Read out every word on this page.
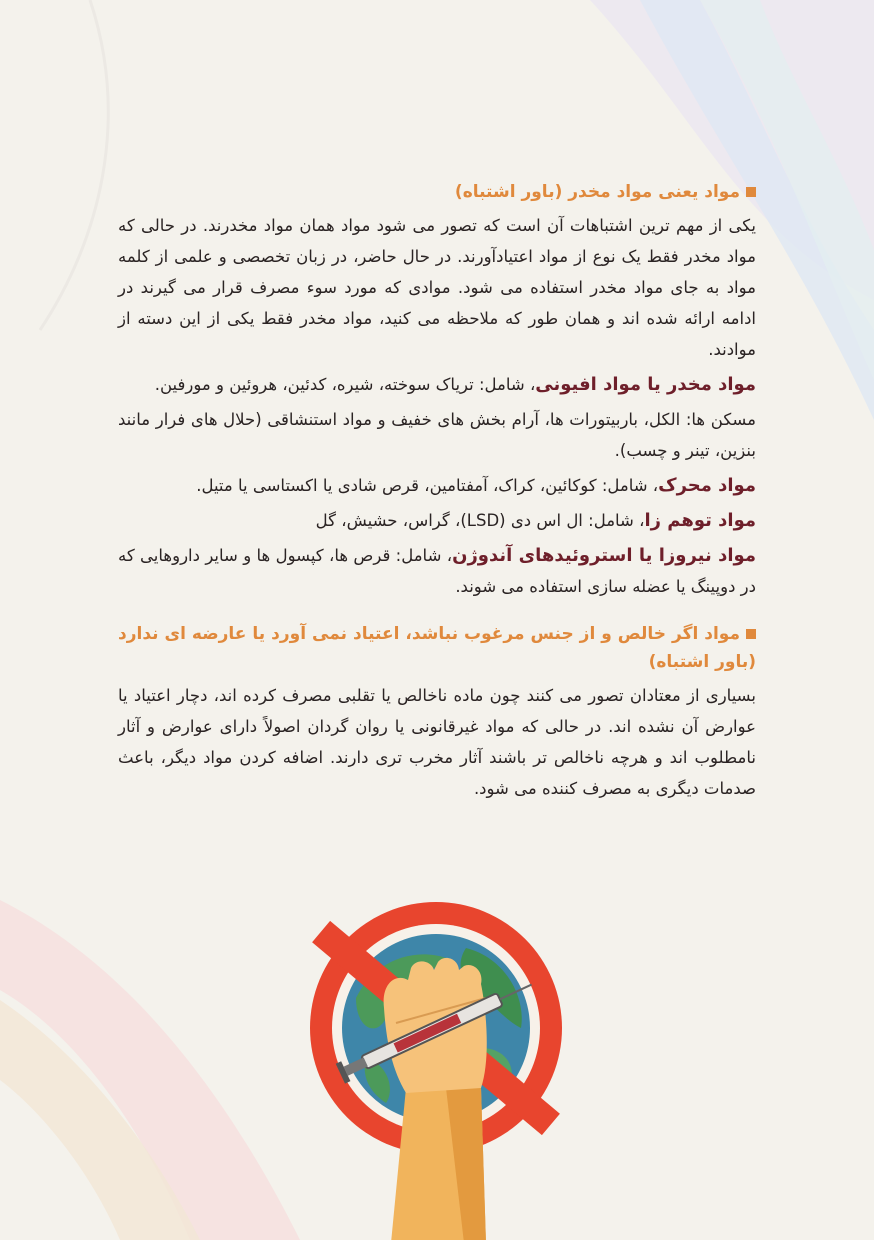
مواد یعنی مواد مخدر (باور اشتباه)

یکی از مهم ترین اشتباهات آن است که تصور می شود مواد همان مواد مخدرند. در حالی که مواد مخدر فقط یک نوع از مواد اعتیادآورند. در حال حاضر، در زبان تخصصی و علمی از کلمه مواد به جای مواد مخدر استفاده می شود. موادی که مورد سوء مصرف قرار می گیرند در ادامه ارائه شده اند و همان طور که ملاحظه می کنید، مواد مخدر فقط یکی از این دسته از موادند.

مواد مخدر یا مواد افیونی، شامل: تریاک سوخته، شیره، کدئین، هروئین و مورفین.

مسکن ها: الکل، باربیتورات ها، آرام بخش های خفیف و مواد استنشاقی (حلال های فرار مانند بنزین، تینر و چسب).

مواد محرک، شامل: کوکائین، کراک، آمفتامین، قرص شادی یا اکستاسی یا متیل.

مواد توهم زا، شامل: ال اس دی (LSD)، گراس، حشیش، گل

مواد نیروزا یا استروئیدهای آندوژن، شامل: قرص ها، کپسول ها و سایر داروهایی که در دوپینگ یا عضله سازی استفاده می شوند.

مواد اگر خالص و از جنس مرغوب نباشد، اعتیاد نمی آورد یا عارضه ای ندارد (باور اشتباه)

بسیاری از معتادان تصور می کنند چون ماده ناخالص یا تقلبی مصرف کرده اند، دچار اعتیاد یا عوارض آن نشده اند. در حالی که مواد غیرقانونی یا روان گردان اصولاً دارای عوارض و آثار نامطلوب اند و هرچه ناخالص تر باشند آثار مخرب تری دارند. اضافه کردن مواد دیگر، باعث صدمات دیگری به مصرف کننده می شود.
